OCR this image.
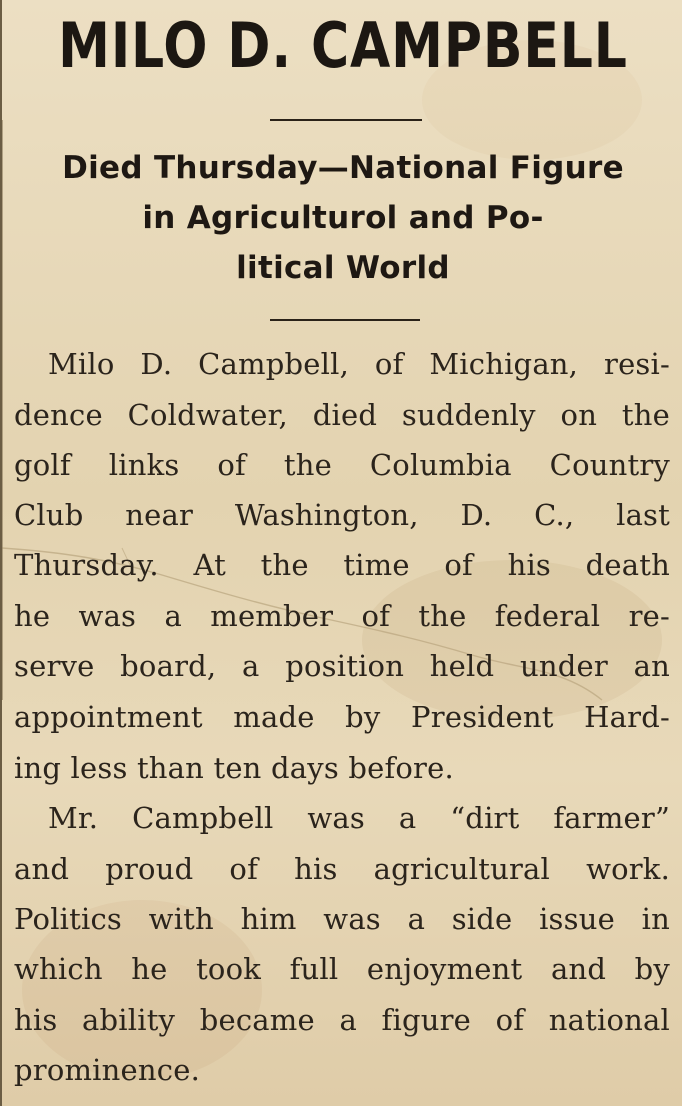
MILO D. CAMPBELL
Died Thursday—National Figure
in Agriculturol and Po-
litical World
Milo D. Campbell, of Michigan, resi-
dence Coldwater, died suddenly on the
golf links of the Columbia Country
Club near Washington, D. C., last
Thursday. At the time of his death
he was a member of the federal re-
serve board, a position held under an
appointment made by President Hard-
ing less than ten days before.
Mr. Campbell was a “dirt farmer”
and proud of his agricultural work.
Politics with him was a side issue in
which he took full enjoyment and by
his ability became a figure of national
prominence.
